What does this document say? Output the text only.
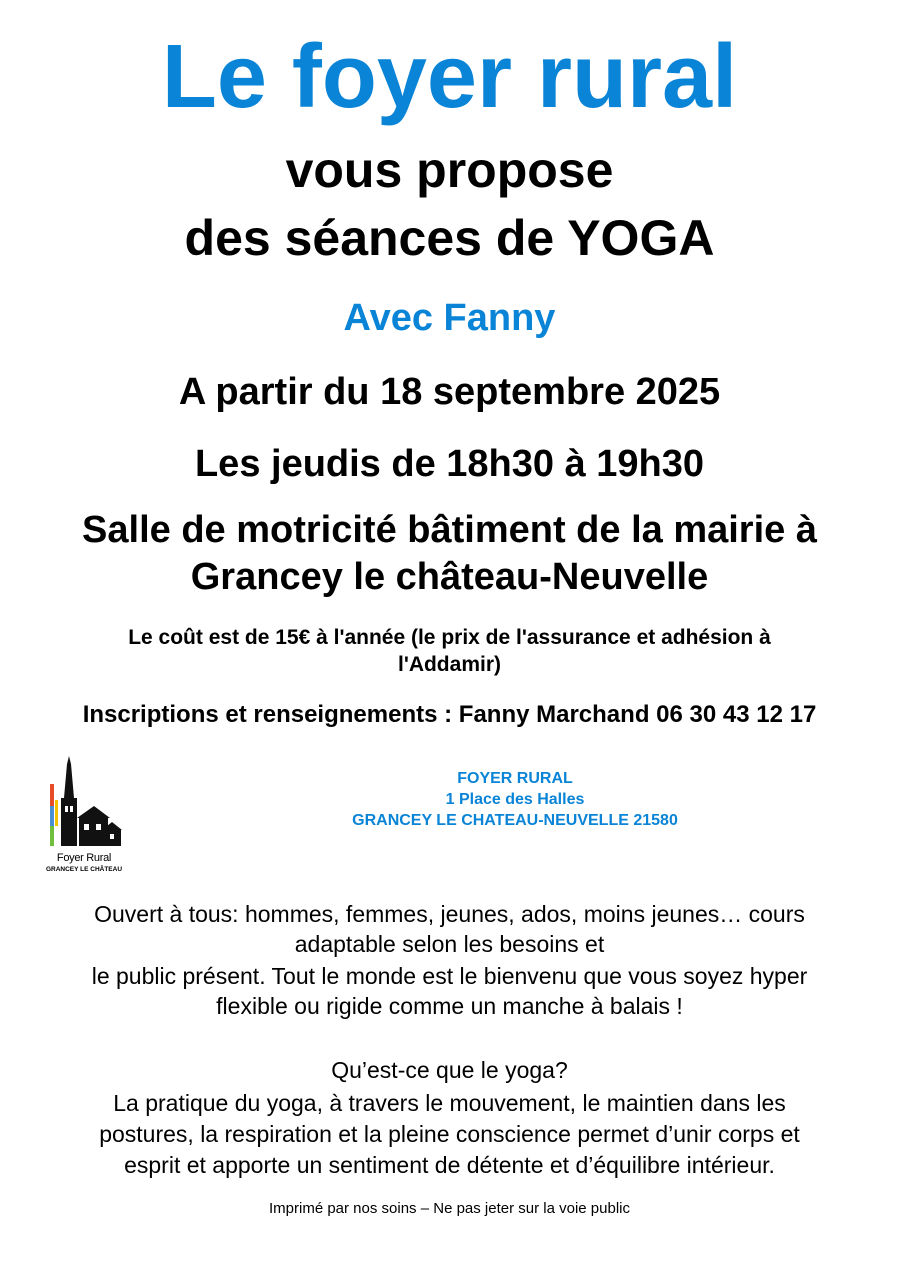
Le foyer rural
vous propose
des séances de YOGA
Avec Fanny
A partir du 18 septembre 2025
Les jeudis de 18h30 à 19h30
Salle de motricité bâtiment de la mairie à
Grancey le château-Neuvelle
Le coût est de 15€ à l'année (le prix de l'assurance et adhésion à
l'Addamir)
Inscriptions et renseignements : Fanny Marchand 06 30 43 12 17
Foyer Rural
GRANCEY LE CHÂTEAU
FOYER RURAL
1 Place des Halles
GRANCEY LE CHATEAU-NEUVELLE 21580
Ouvert à tous: hommes, femmes, jeunes, ados, moins jeunes… cours
adaptable selon les besoins et
le public présent. Tout le monde est le bienvenu que vous soyez hyper
flexible ou rigide comme un manche à balais !
Qu’est-ce que le yoga?
La pratique du yoga, à travers le mouvement, le maintien dans les
postures, la respiration et la pleine conscience permet d’unir corps et
esprit et apporte un sentiment de détente et d’équilibre intérieur.
Imprimé par nos soins – Ne pas jeter sur la voie public
